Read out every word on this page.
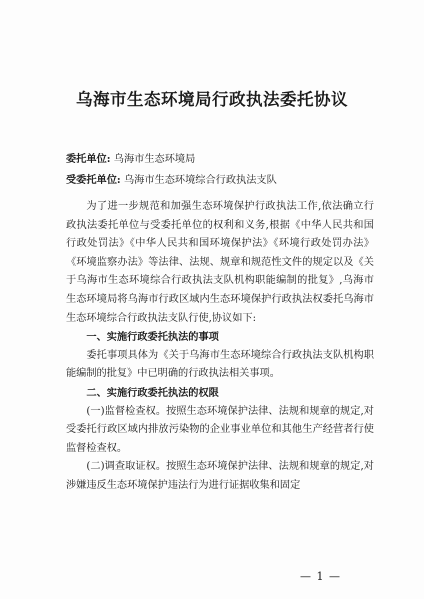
乌海市生态环境局行政执法委托协议
委托单位: 乌海市生态环境局
受委托单位: 乌海市生态环境综合行政执法支队

为了进一步规范和加强生态环境保护行政执法工作,依法确立行政执法委托单位与受委托单位的权利和义务,根据《中华人民共和国行政处罚法》《中华人民共和国环境保护法》《环境行政处罚办法》《环境监察办法》等法律、法规、规章和规范性文件的规定以及《关于乌海市生态环境综合行政执法支队机构职能编制的批复》,乌海市生态环境局将乌海市行政区域内生态环境保护行政执法权委托乌海市生态环境综合行政执法支队行使,协议如下:

一、实施行政委托执法的事项

委托事项具体为《关于乌海市生态环境综合行政执法支队机构职能编制的批复》中已明确的行政执法相关事项。

二、实施行政委托执法的权限

(一)监督检查权。按照生态环境保护法律、法规和规章的规定,对受委托行政区域内排放污染物的企业事业单位和其他生产经营者行使监督检查权。

(二)调查取证权。按照生态环境保护法律、法规和规章的规定,对涉嫌违反生态环境保护违法行为进行证据收集和固定

— 1 —
